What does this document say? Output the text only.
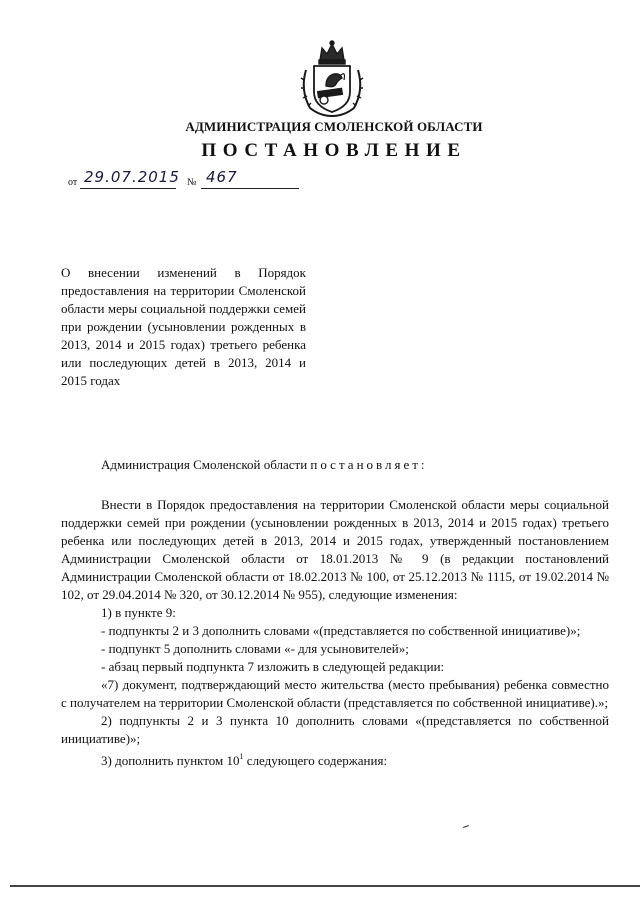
АДМИНИСТРАЦИЯ СМОЛЕНСКОЙ ОБЛАСТИ
ПОСТАНОВЛЕНИЕ
от 29.07.2015 № 467
О внесении изменений в Порядок предоставления на территории Смоленской области меры социальной поддержки семей при рождении (усыновлении рожденных в 2013, 2014 и 2015 годах) третьего ребенка или последующих детей в 2013, 2014 и 2015 годах

Администрация Смоленской области постановляет:

Внести в Порядок предоставления на территории Смоленской области меры социальной поддержки семей при рождении (усыновлении рожденных в 2013, 2014 и 2015 годах) третьего ребенка или последующих детей в 2013, 2014 и 2015 годах, утвержденный постановлением Администрации Смоленской области от 18.01.2013 № 9 (в редакции постановлений Администрации Смоленской области от 18.02.2013 № 100, от 25.12.2013 № 1115, от 19.02.2014 № 102, от 29.04.2014 № 320, от 30.12.2014 № 955), следующие изменения:

1) в пункте 9:

- подпункты 2 и 3 дополнить словами «(представляется по собственной инициативе)»;

- подпункт 5 дополнить словами «- для усыновителей»;

- абзац первый подпункта 7 изложить в следующей редакции:

«7) документ, подтверждающий место жительства (место пребывания) ребенка совместно с получателем на территории Смоленской области (представляется по собственной инициативе).»;

2) подпункты 2 и 3 пункта 10 дополнить словами «(представляется по собственной инициативе)»;

3) дополнить пунктом $10^1$ следующего содержания:
